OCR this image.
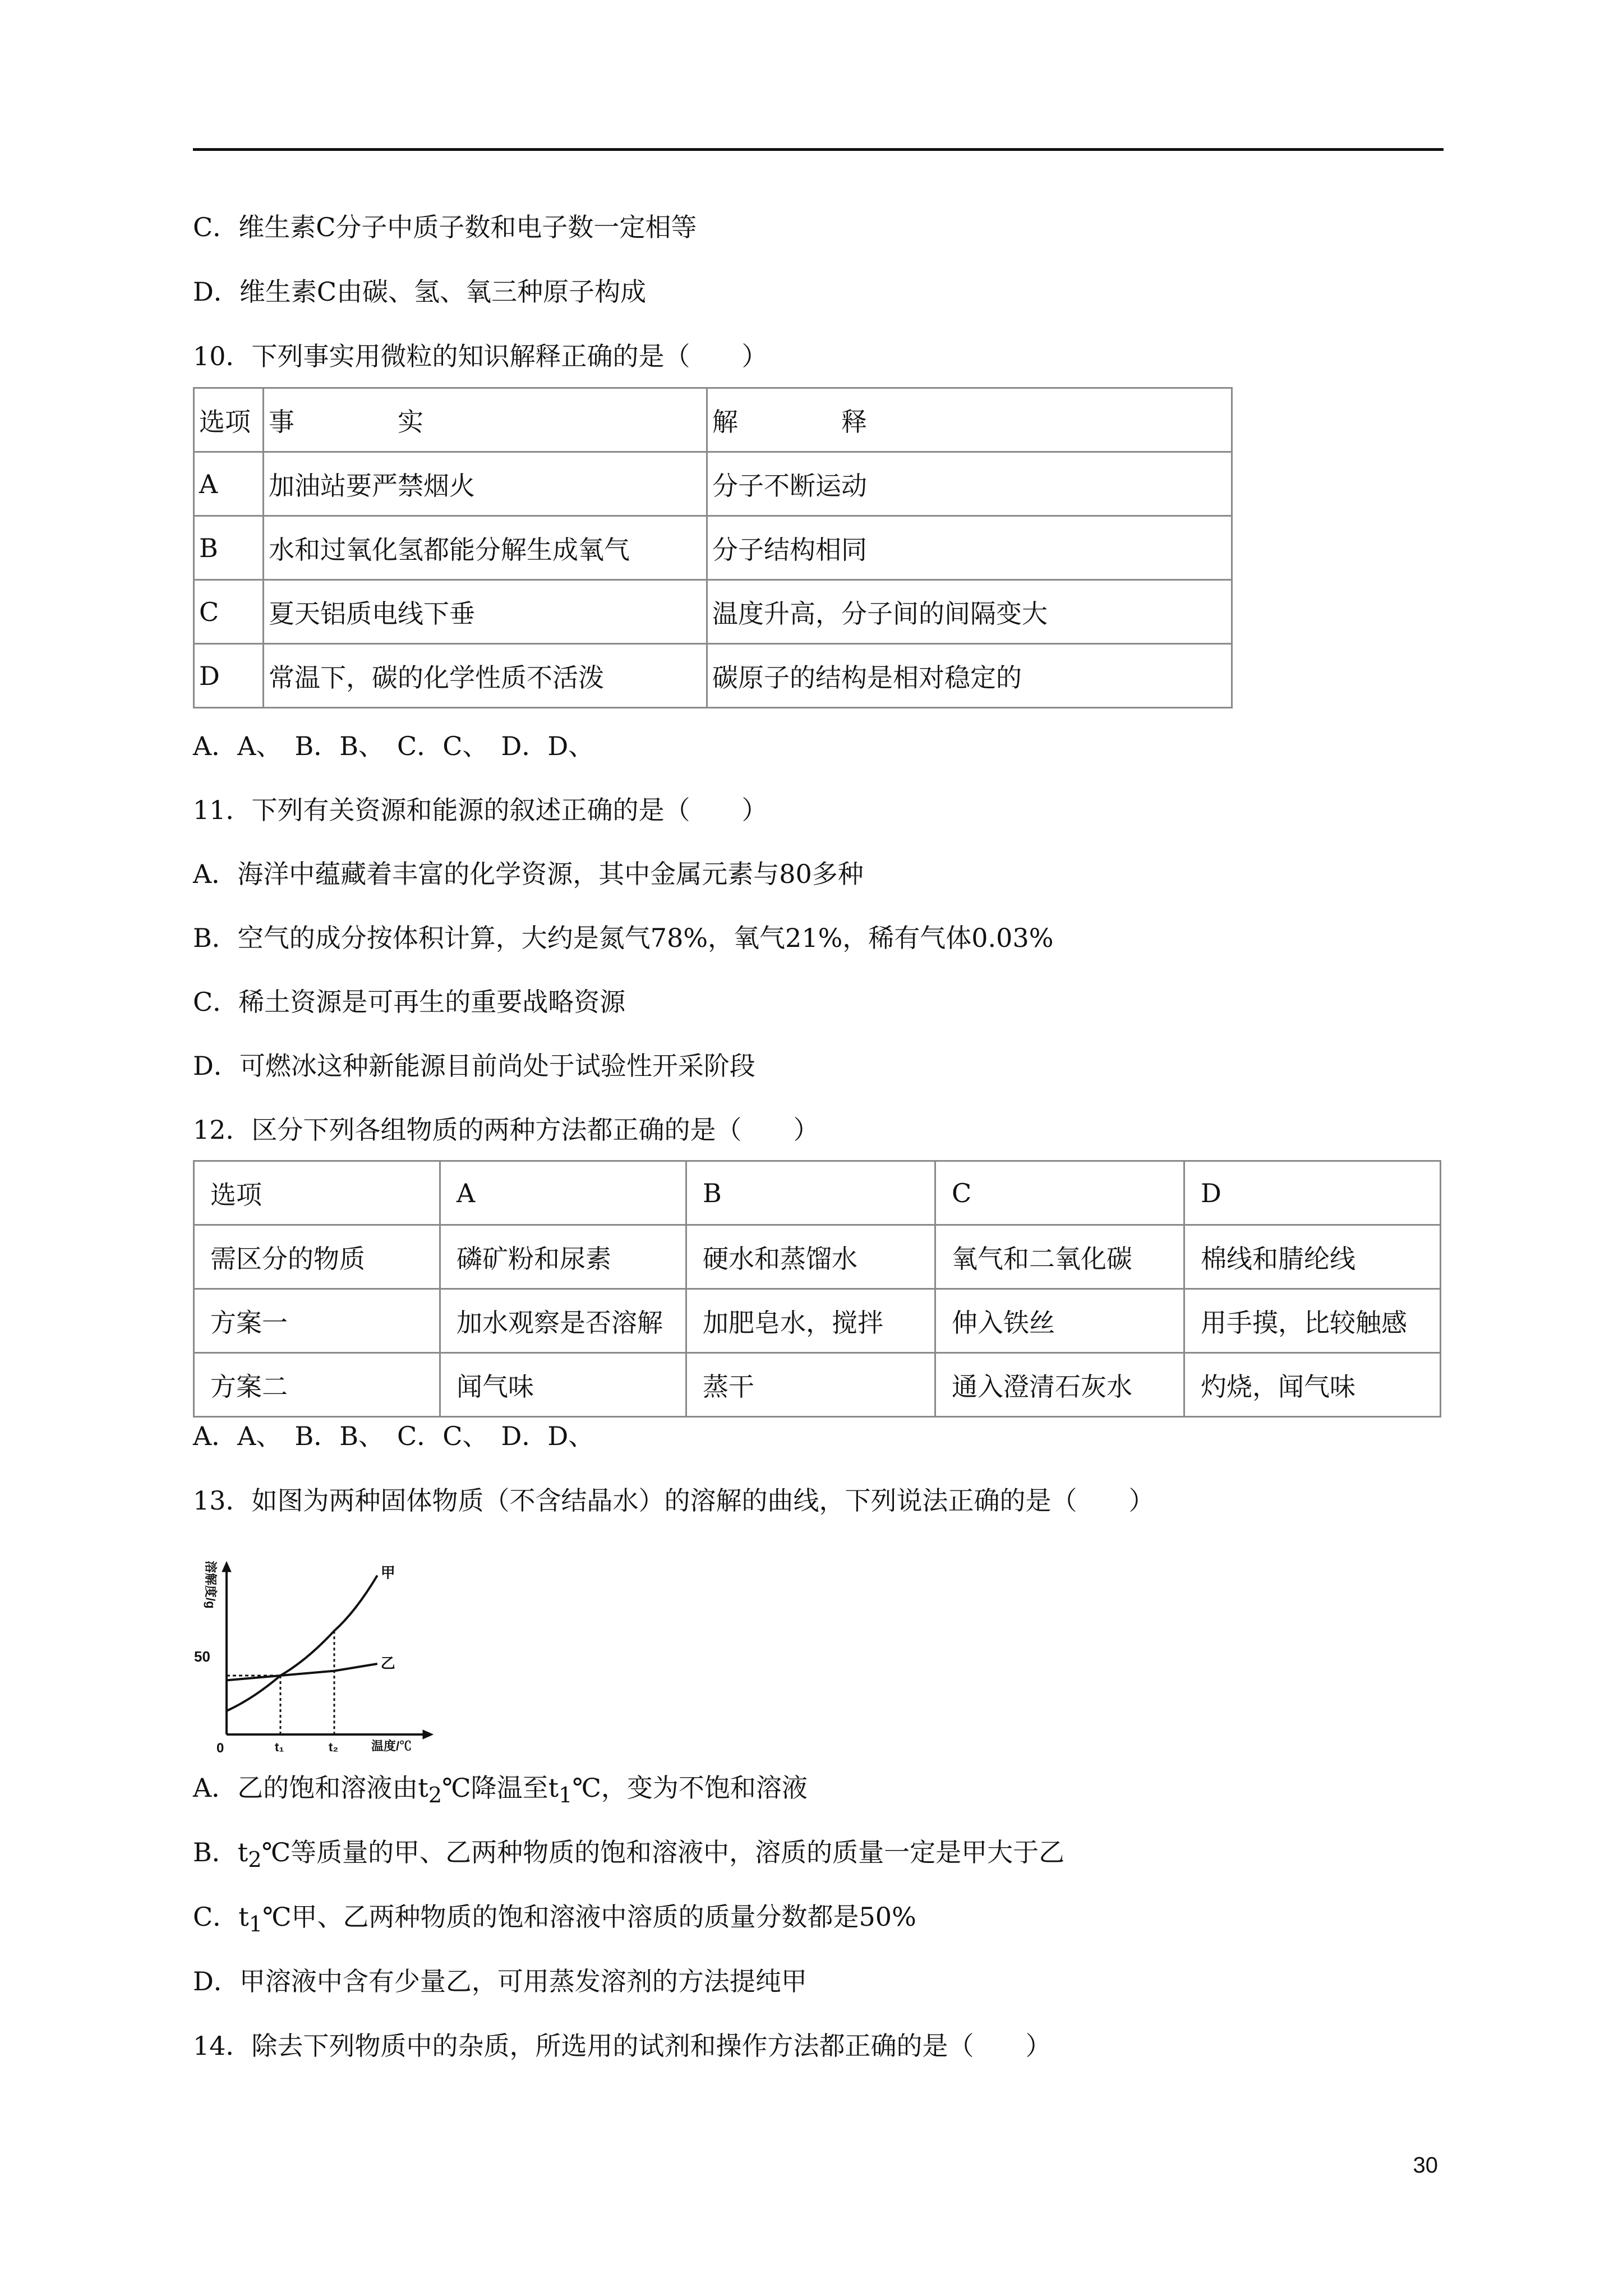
C．维生素C分子中质子数和电子数一定相等
D．维生素C由碳、氢、氧三种原子构成
10．下列事实用微粒的知识解释正确的是（　　）
选项	事　　　　实	解　　　　释
A	加油站要严禁烟火	分子不断运动
B	水和过氧化氢都能分解生成氧气	分子结构相同
C	夏天铝质电线下垂	温度升高，分子间的间隔变大
D	常温下，碳的化学性质不活泼	碳原子的结构是相对稳定的
A．A、　B．B、　C．C、　D．D、
11．下列有关资源和能源的叙述正确的是（　　）
A．海洋中蕴藏着丰富的化学资源，其中金属元素与80多种
B．空气的成分按体积计算，大约是氮气78%，氧气21%，稀有气体0.03%
C．稀土资源是可再生的重要战略资源
D．可燃冰这种新能源目前尚处于试验性开采阶段
12．区分下列各组物质的两种方法都正确的是（　　）
选项	A	B	C	D
需区分的物质	磷矿粉和尿素	硬水和蒸馏水	氧气和二氧化碳	棉线和腈纶线
方案一	加水观察是否溶解	加肥皂水，搅拌	伸入铁丝	用手摸，比较触感
方案二	闻气味	蒸干	通入澄清石灰水	灼烧，闻气味
A．A、　B．B、　C．C、　D．D、
13．如图为两种固体物质（不含结晶水）的溶解的曲线，下列说法正确的是（　　）
t₁	t₂
甲
乙
50
0	温度/℃
溶解度/g
A．乙的饱和溶液由$t_2℃$降温至$t_1℃$，变为不饱和溶液
B．$t_2℃$等质量的甲、乙两种物质的饱和溶液中，溶质的质量一定是甲大于乙
C．$t_1℃$甲、乙两种物质的饱和溶液中溶质的质量分数都是50%
D．甲溶液中含有少量乙，可用蒸发溶剂的方法提纯甲
14．除去下列物质中的杂质，所选用的试剂和操作方法都正确的是（　　）
30
